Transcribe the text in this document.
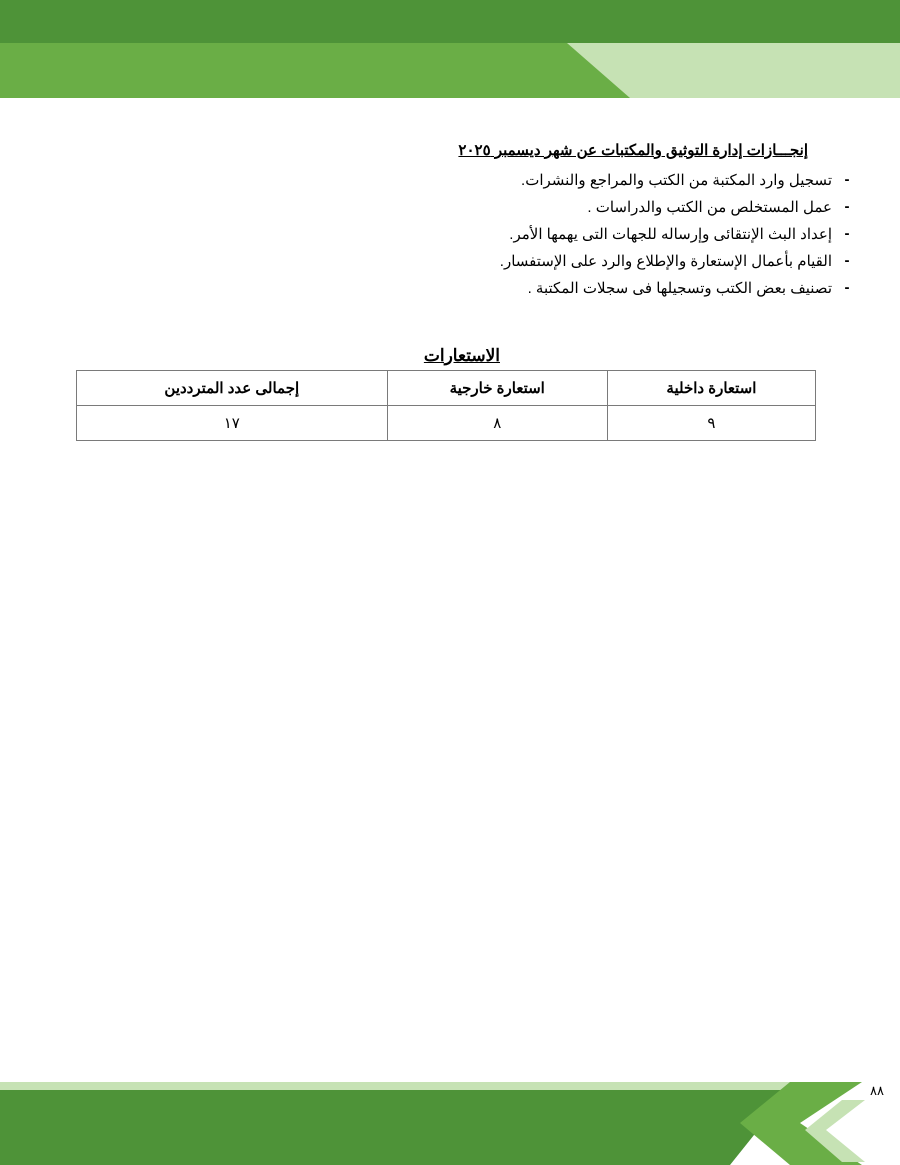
إنجـــازات إدارة التوثيق والمكتبات عن شهر ديسمبر ٢٠٢٥
-
تسجيل وارد المكتبة من الكتب والمراجع والنشرات.
-
عمل المستخلص من الكتب والدراسات .
-
إعداد البث الإنتقائى وإرساله للجهات التى يهمها الأمر.
-
القيام بأعمال الإستعارة والإطلاع والرد على الإستفسار.
-
تصنيف بعض الكتب وتسجيلها فى سجلات المكتبة .
الاستعارات
استعارة داخلية	استعارة خارجية	إجمالى عدد المترددين
٩	٨	١٧
٨٨
